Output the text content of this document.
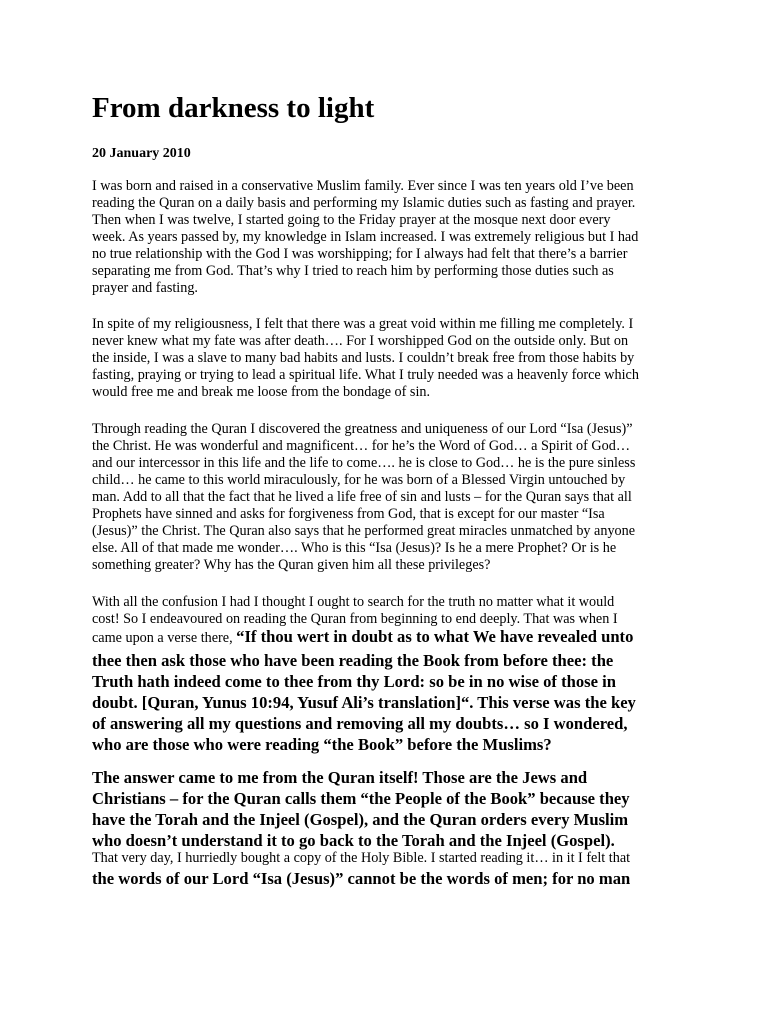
From darkness to light
20 January 2010
I was born and raised in a conservative Muslim family. Ever since I was ten years old I’ve been
reading the Quran on a daily basis and performing my Islamic duties such as fasting and prayer.
Then when I was twelve, I started going to the Friday prayer at the mosque next door every
week. As years passed by, my knowledge in Islam increased. I was extremely religious but I had
no true relationship with the God I was worshipping; for I always had felt that there’s a barrier
separating me from God. That’s why I tried to reach him by performing those duties such as
prayer and fasting.
In spite of my religiousness, I felt that there was a great void within me filling me completely. I
never knew what my fate was after death…. For I worshipped God on the outside only. But on
the inside, I was a slave to many bad habits and lusts. I couldn’t break free from those habits by
fasting, praying or trying to lead a spiritual life. What I truly needed was a heavenly force which
would free me and break me loose from the bondage of sin.
Through reading the Quran I discovered the greatness and uniqueness of our Lord “Isa (Jesus)”
the Christ. He was wonderful and magnificent… for he’s the Word of God… a Spirit of God…
and our intercessor in this life and the life to come…. he is close to God… he is the pure sinless
child… he came to this world miraculously, for he was born of a Blessed Virgin untouched by
man. Add to all that the fact that he lived a life free of sin and lusts – for the Quran says that all
Prophets have sinned and asks for forgiveness from God, that is except for our master “Isa
(Jesus)” the Christ. The Quran also says that he performed great miracles unmatched by anyone
else. All of that made me wonder…. Who is this “Isa (Jesus)? Is he a mere Prophet? Or is he
something greater? Why has the Quran given him all these privileges?
With all the confusion I had I thought I ought to search for the truth no matter what it would
cost! So I endeavoured on reading the Quran from beginning to end deeply. That was when I
came upon a verse there, “If thou wert in doubt as to what We have revealed unto
thee then ask those who have been reading the Book from before thee: the
Truth hath indeed come to thee from thy Lord: so be in no wise of those in
doubt. [Quran, Yunus 10:94, Yusuf Ali’s translation]“. This verse was the key
of answering all my questions and removing all my doubts… so I wondered,
who are those who were reading “the Book” before the Muslims?
The answer came to me from the Quran itself! Those are the Jews and
Christians – for the Quran calls them “the People of the Book” because they
have the Torah and the Injeel (Gospel), and the Quran orders every Muslim
who doesn’t understand it to go back to the Torah and the Injeel (Gospel).
That very day, I hurriedly bought a copy of the Holy Bible. I started reading it… in it I felt that
the words of our Lord “Isa (Jesus)” cannot be the words of men; for no man
